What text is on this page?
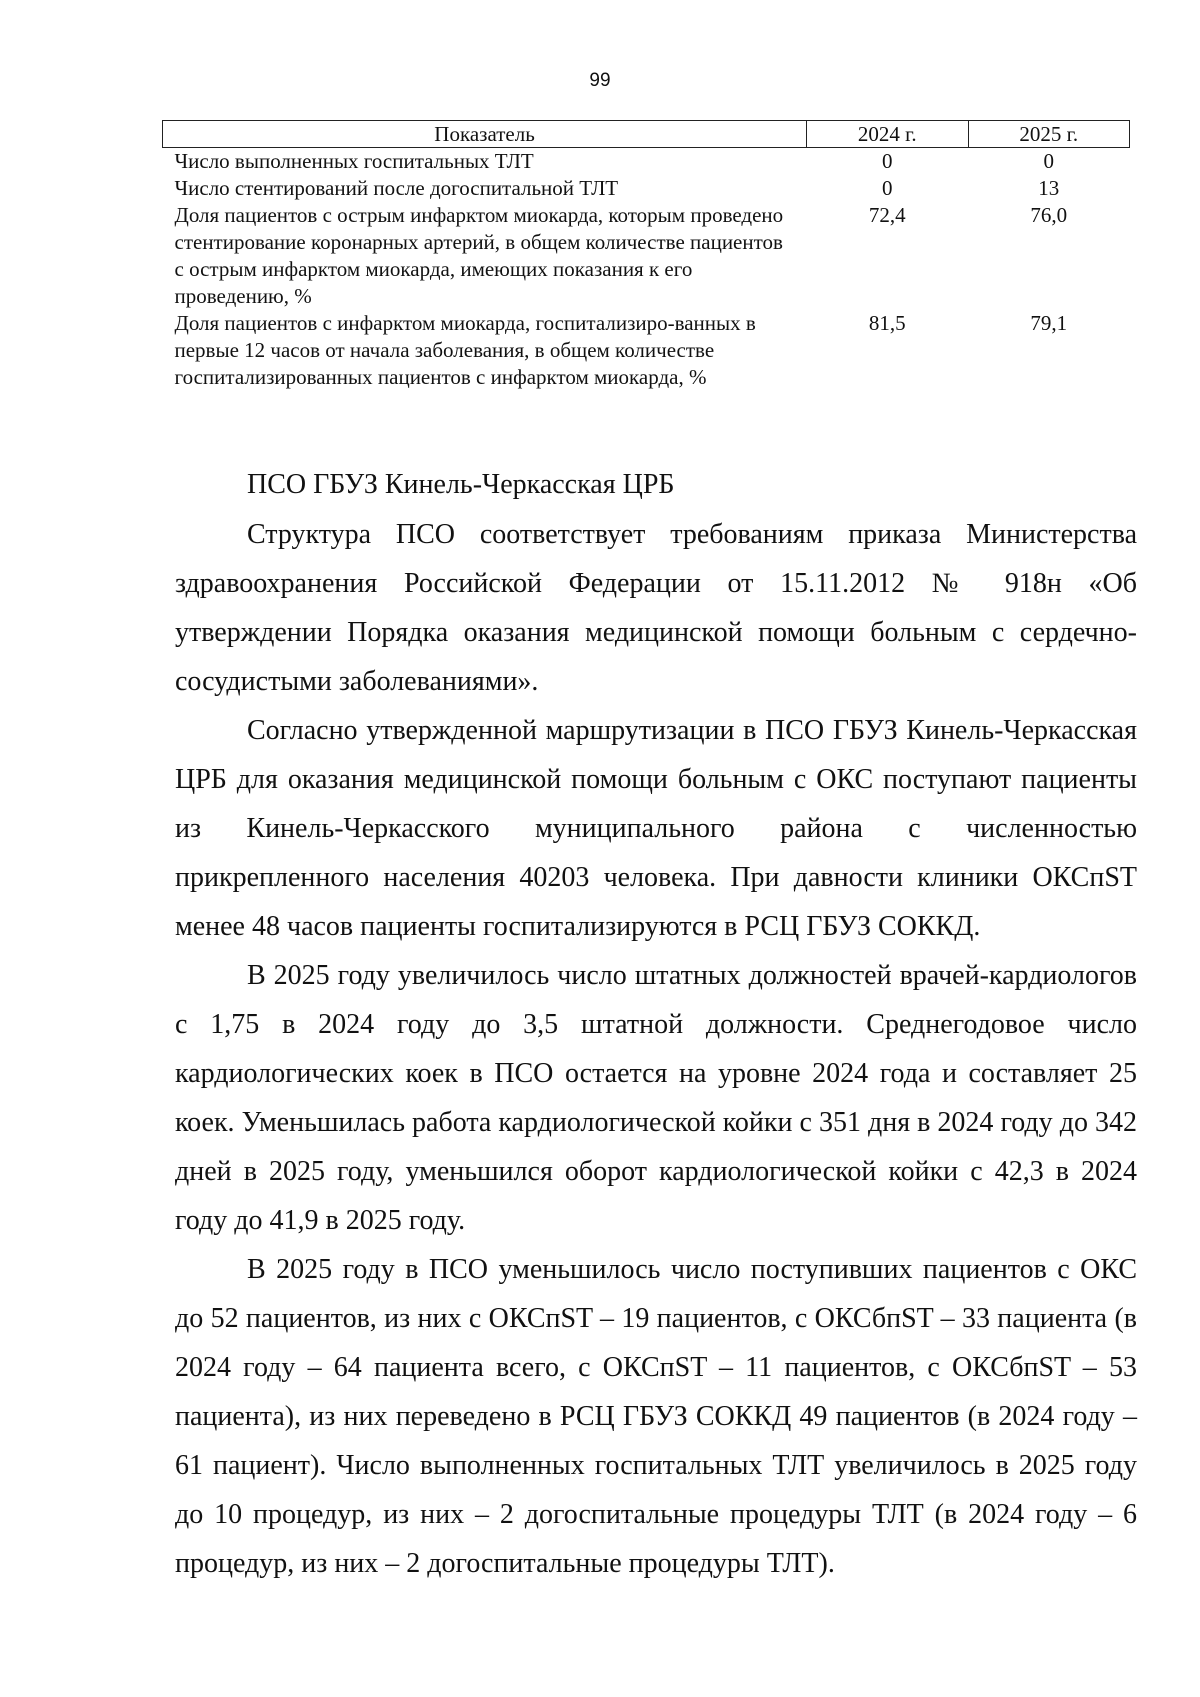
99
Показатель	2024 г.	2025 г.
Число выполненных госпитальных ТЛТ	0	0
Число стентирований после догоспитальной ТЛТ	0	13
Доля пациентов с острым инфарктом миокарда, которым проведено стентирование коронарных артерий, в общем количестве пациентов с острым инфарктом миокарда, имеющих показания к его проведению, %	72,4	76,0
Доля пациентов с инфарктом миокарда, госпитализиро-ванных в первые 12 часов от начала заболевания, в общем количестве госпитализированных пациентов с инфарктом миокарда, %	81,5	79,1

ПСО ГБУЗ Кинель-Черкасская ЦРБ

Структура ПСО соответствует требованиям приказа Министерства здравоохранения Российской Федерации от 15.11.2012 № 918н «Об утверждении Порядка оказания медицинской помощи больным с сердечно-сосудистыми заболеваниями».

Согласно утвержденной маршрутизации в ПСО ГБУЗ Кинель-Черкасская ЦРБ для оказания медицинской помощи больным с ОКС поступают пациенты из Кинель-Черкасского муниципального района с численностью прикрепленного населения 40203 человека. При давности клиники ОКСпST менее 48 часов пациенты госпитализируются в РСЦ ГБУЗ СОККД.

В 2025 году увеличилось число штатных должностей врачей-кардиологов с 1,75 в 2024 году до 3,5 штатной должности. Среднегодовое число кардиологических коек в ПСО остается на уровне 2024 года и составляет 25 коек. Уменьшилась работа кардиологической койки с 351 дня в 2024 году до 342 дней в 2025 году, уменьшился оборот кардиологической койки с 42,3 в 2024 году до 41,9 в 2025 году.

В 2025 году в ПСО уменьшилось число поступивших пациентов с ОКС до 52 пациентов, из них с ОКСпST – 19 пациентов, с ОКСбпST – 33 пациента (в 2024 году – 64 пациента всего, с ОКСпST – 11 пациентов, с ОКСбпST – 53 пациента), из них переведено в РСЦ ГБУЗ СОККД 49 пациентов (в 2024 году – 61 пациент). Число выполненных госпитальных ТЛТ увеличилось в 2025 году до 10 процедур, из них – 2 догоспитальные процедуры ТЛТ (в 2024 году – 6 процедур, из них – 2 догоспитальные процедуры ТЛТ).
